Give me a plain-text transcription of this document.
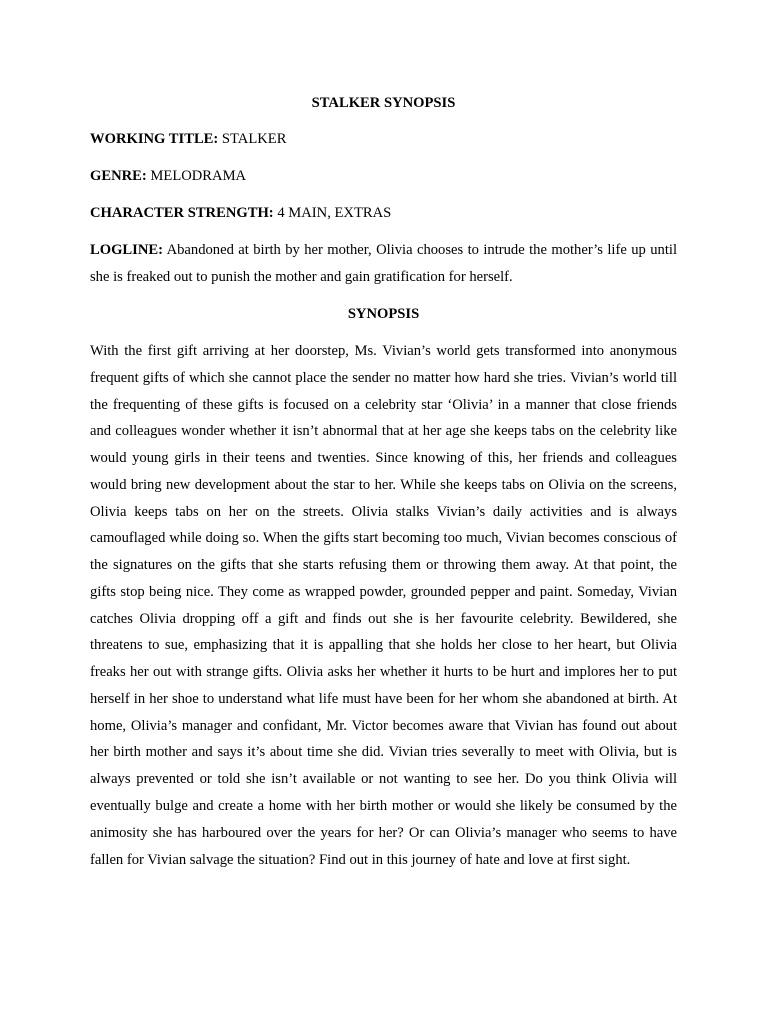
STALKER SYNOPSIS

WORKING TITLE: STALKER

GENRE: MELODRAMA

CHARACTER STRENGTH: 4 MAIN, EXTRAS

LOGLINE: Abandoned at birth by her mother, Olivia chooses to intrude the mother’s life up until she is freaked out to punish the mother and gain gratification for herself.

SYNOPSIS

With the first gift arriving at her doorstep, Ms. Vivian’s world gets transformed into anonymous frequent gifts of which she cannot place the sender no matter how hard she tries. Vivian’s world till the frequenting of these gifts is focused on a celebrity star ‘Olivia’ in a manner that close friends and colleagues wonder whether it isn’t abnormal that at her age she keeps tabs on the celebrity like would young girls in their teens and twenties. Since knowing of this, her friends and colleagues would bring new development about the star to her. While she keeps tabs on Olivia on the screens, Olivia keeps tabs on her on the streets. Olivia stalks Vivian’s daily activities and is always camouflaged while doing so. When the gifts start becoming too much, Vivian becomes conscious of the signatures on the gifts that she starts refusing them or throwing them away. At that point, the gifts stop being nice. They come as wrapped powder, grounded pepper and paint. Someday, Vivian catches Olivia dropping off a gift and finds out she is her favourite celebrity. Bewildered, she threatens to sue, emphasizing that it is appalling that she holds her close to her heart, but Olivia freaks her out with strange gifts. Olivia asks her whether it hurts to be hurt and implores her to put herself in her shoe to understand what life must have been for her whom she abandoned at birth. At home, Olivia’s manager and confidant, Mr. Victor becomes aware that Vivian has found out about her birth mother and says it’s about time she did. Vivian tries severally to meet with Olivia, but is always prevented or told she isn’t available or not wanting to see her. Do you think Olivia will eventually bulge and create a home with her birth mother or would she likely be consumed by the animosity she has harboured over the years for her? Or can Olivia’s manager who seems to have fallen for Vivian salvage the situation? Find out in this journey of hate and love at first sight.
